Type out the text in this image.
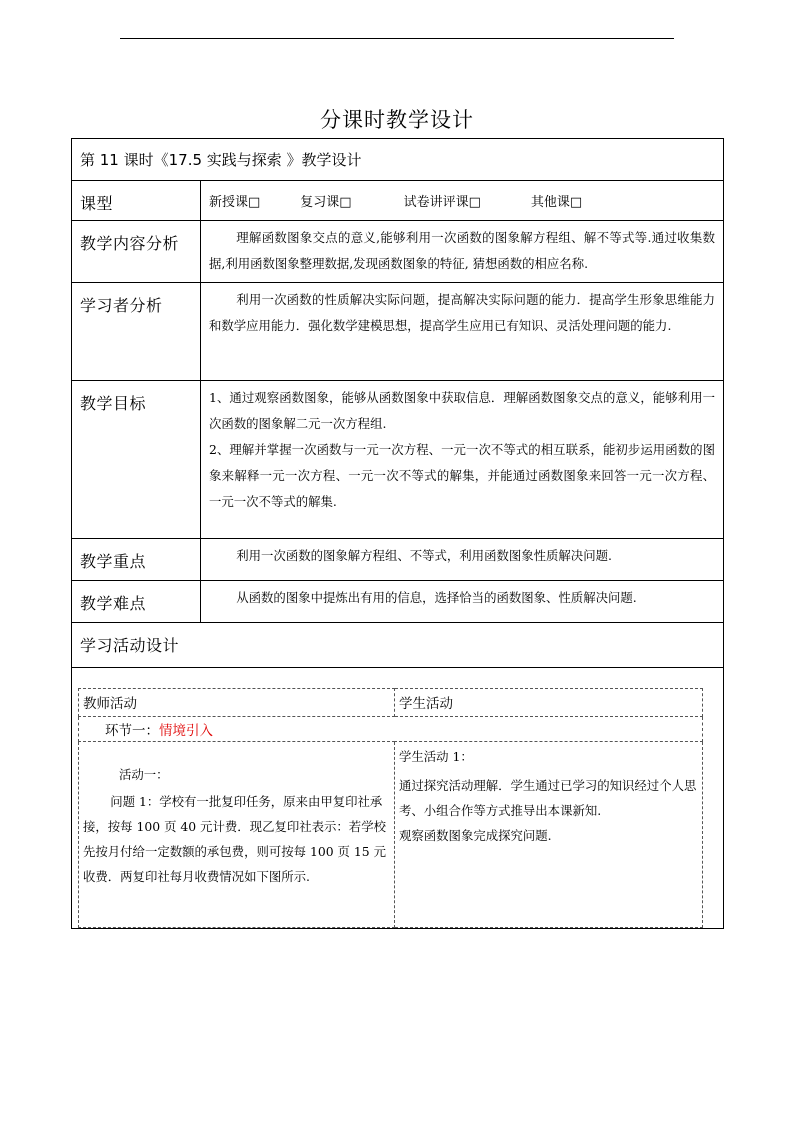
分课时教学设计
第 11 课时《17.5 实践与探索 》教学设计
课型	新授课□	复习课□	试卷讲评课□	其他课□

教学内容分析	理解函数图象交点的意义,能够利用一次函数的图象解方程组、解不等式等.通过收集数据,利用函数图象整理数据,发现函数图象的特征, 猜想函数的相应名称.

学习者分析	利用一次函数的性质解决实际问题，提高解决实际问题的能力．提高学生形象思维能力和数学应用能力．强化数学建模思想，提高学生应用已有知识、灵活处理问题的能力.

教学目标	1、通过观察函数图象，能够从函数图象中获取信息．理解函数图象交点的意义，能够利用一次函数的图象解二元一次方程组.
2、理解并掌握一次函数与一元一次方程、一元一次不等式的相互联系，能初步运用函数的图象来解释一元一次方程、一元一次不等式的解集，并能通过函数图象来回答一元一次方程、一元一次不等式的解集.

教学重点	利用一次函数的图象解方程组、不等式，利用函数图象性质解决问题.

教学难点	从函数的图象中提炼出有用的信息，选择恰当的函数图象、性质解决问题.

学习活动设计

教师活动	学生活动
环节一：情境引入

活动一：
问题 1：学校有一批复印任务，原来由甲复印社承接，按每 100 页 40 元计费．现乙复印社表示：若学校先按月付给一定数额的承包费，则可按每 100 页 15 元收费．两复印社每月收费情况如下图所示.

学生活动 1：
通过探究活动理解．学生通过已学习的知识经过个人思考、小组合作等方式推导出本课新知.
观察函数图象完成探究问题.
